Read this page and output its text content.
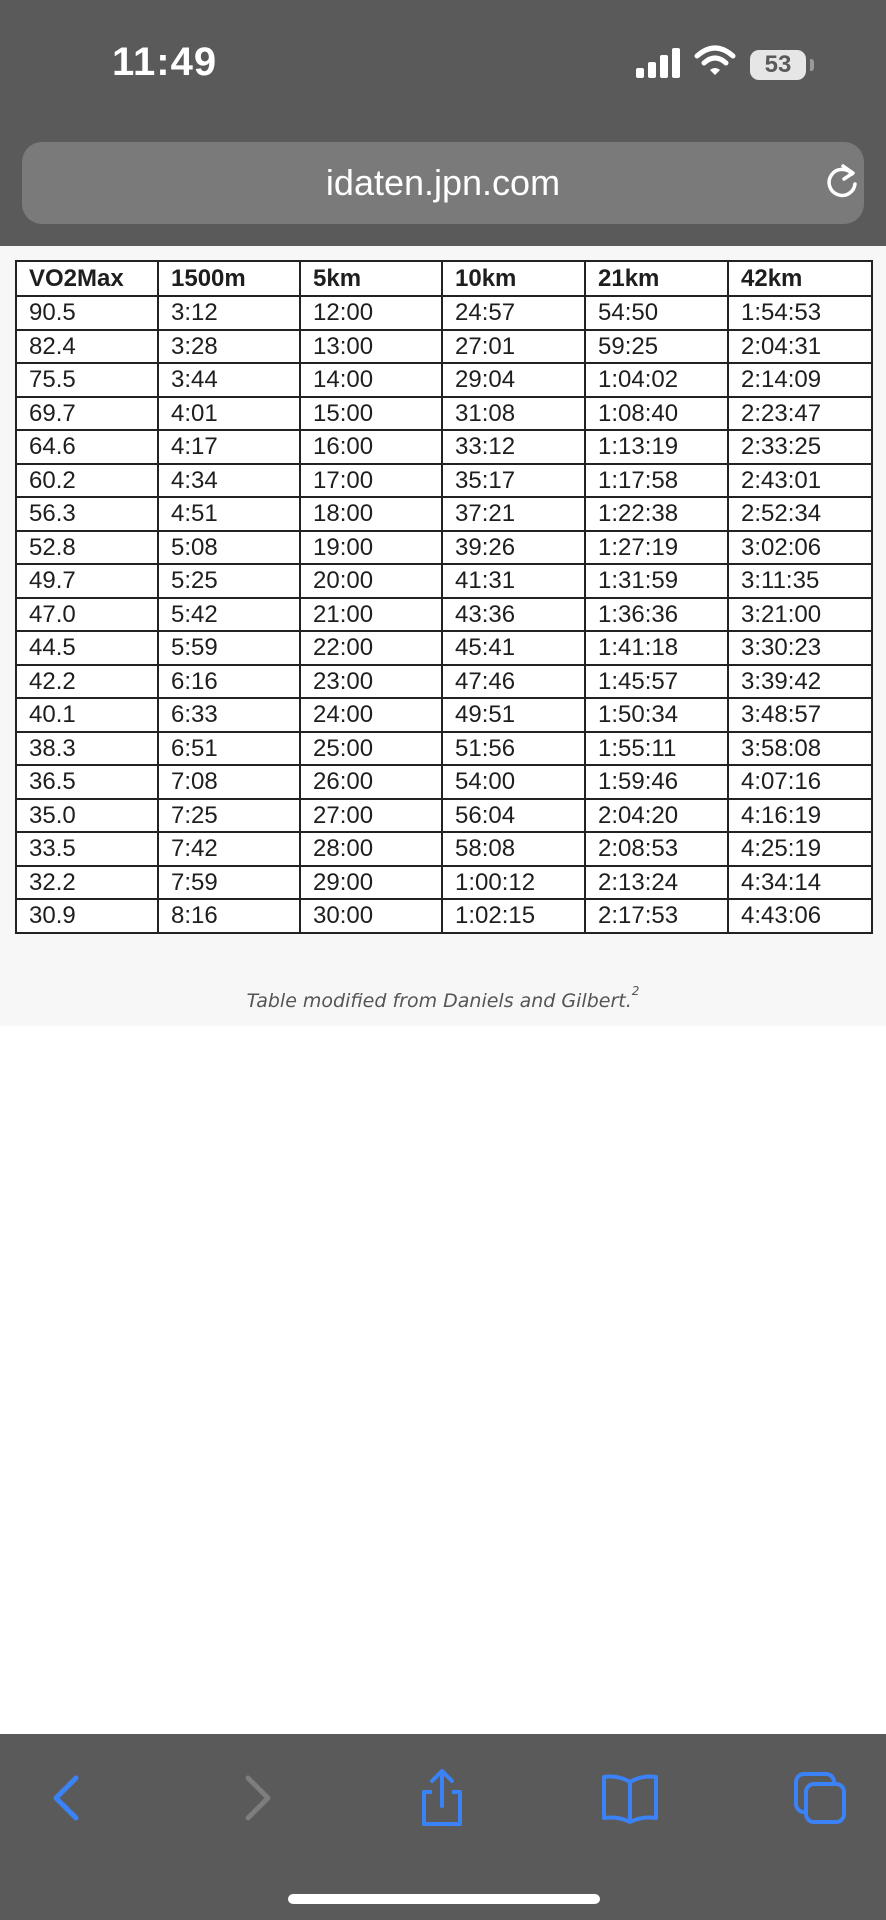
11:49	53
idaten.jpn.com
VO2Max	1500m	5km	10km	21km	42km
90.5	3:12	12:00	24:57	54:50	1:54:53
82.4	3:28	13:00	27:01	59:25	2:04:31
75.5	3:44	14:00	29:04	1:04:02	2:14:09
69.7	4:01	15:00	31:08	1:08:40	2:23:47
64.6	4:17	16:00	33:12	1:13:19	2:33:25
60.2	4:34	17:00	35:17	1:17:58	2:43:01
56.3	4:51	18:00	37:21	1:22:38	2:52:34
52.8	5:08	19:00	39:26	1:27:19	3:02:06
49.7	5:25	20:00	41:31	1:31:59	3:11:35
47.0	5:42	21:00	43:36	1:36:36	3:21:00
44.5	5:59	22:00	45:41	1:41:18	3:30:23
42.2	6:16	23:00	47:46	1:45:57	3:39:42
40.1	6:33	24:00	49:51	1:50:34	3:48:57
38.3	6:51	25:00	51:56	1:55:11	3:58:08
36.5	7:08	26:00	54:00	1:59:46	4:07:16
35.0	7:25	27:00	56:04	2:04:20	4:16:19
33.5	7:42	28:00	58:08	2:08:53	4:25:19
32.2	7:59	29:00	1:00:12	2:13:24	4:34:14
30.9	8:16	30:00	1:02:15	2:17:53	4:43:06
Table modified from Daniels and Gilbert.$^2$
